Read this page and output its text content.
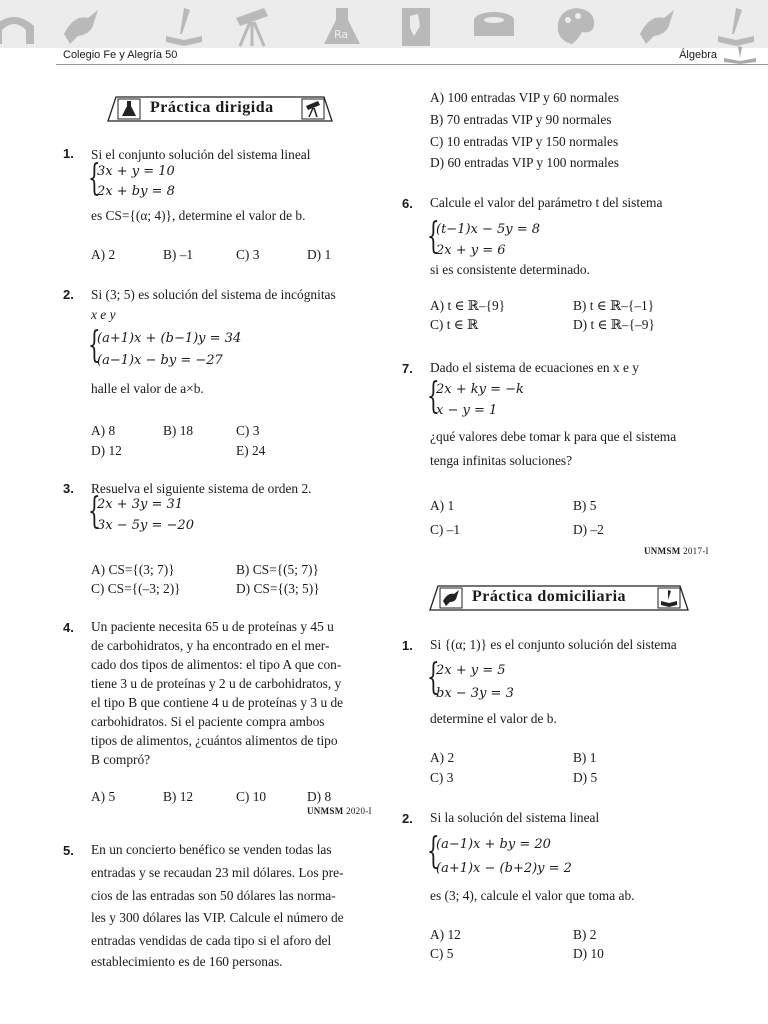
Ra
Colegio Fe y Alegría 50	Álgebra
Práctica dirigida
1. Si el conjunto solución del sistema lineal
{
3x + y = 10
2x + by = 8
es CS={(α; 4)}, determine el valor de b.
A) 2	B) –1	C) 3	D) 1
2. Si (3; 5) es solución del sistema de incógnitas
x e y
{
(a+1)x + (b−1)y = 34
(a−1)x − by = −27
halle el valor de a×b.
A) 8	B) 18	C) 3
D) 12	E) 24
3. Resuelva el siguiente sistema de orden 2.
{
2x + 3y = 31
3x − 5y = −20
A) CS={(3; 7)}	B) CS={(5; 7)}
C) CS={(–3; 2)}	D) CS={(3; 5)}
4. Un paciente necesita 65 u de proteínas y 45 u
de carbohidratos, y ha encontrado en el mer-
cado dos tipos de alimentos: el tipo A que con-
tiene 3 u de proteínas y 2 u de carbohidratos, y
el tipo B que contiene 4 u de proteínas y 3 u de
carbohidratos. Si el paciente compra ambos
tipos de alimentos, ¿cuántos alimentos de tipo
B compró?
A) 5	B) 12	C) 10	D) 8
UNMSM 2020-I
5. En un concierto benéfico se venden todas las
entradas y se recaudan 23 mil dólares. Los pre-
cios de las entradas son 50 dólares las norma-
les y 300 dólares las VIP. Calcule el número de
entradas vendidas de cada tipo si el aforo del
establecimiento es de 160 personas.
A) 100 entradas VIP y 60 normales
B) 70 entradas VIP y 90 normales
C) 10 entradas VIP y 150 normales
D) 60 entradas VIP y 100 normales
6. Calcule el valor del parámetro t del sistema
{
(t−1)x − 5y = 8
2x + y = 6
si es consistente determinado.
A) t ∈ ℝ–{9}	B) t ∈ ℝ–{–1}
C) t ∈ ℝ	D) t ∈ ℝ–{–9}
7. Dado el sistema de ecuaciones en x e y
{
2x + ky = −k
x − y = 1
¿qué valores debe tomar k para que el sistema
tenga infinitas soluciones?
A) 1	B) 5
C) –1	D) –2
UNMSM 2017-I
Práctica domiciliaria
1. Si {(α; 1)} es el conjunto solución del sistema
{
2x + y = 5
bx − 3y = 3
determine el valor de b.
A) 2	B) 1
C) 3	D) 5
2. Si la solución del sistema lineal
{
(a−1)x + by = 20
(a+1)x − (b+2)y = 2
es (3; 4), calcule el valor que toma ab.
A) 12	B) 2
C) 5	D) 10
